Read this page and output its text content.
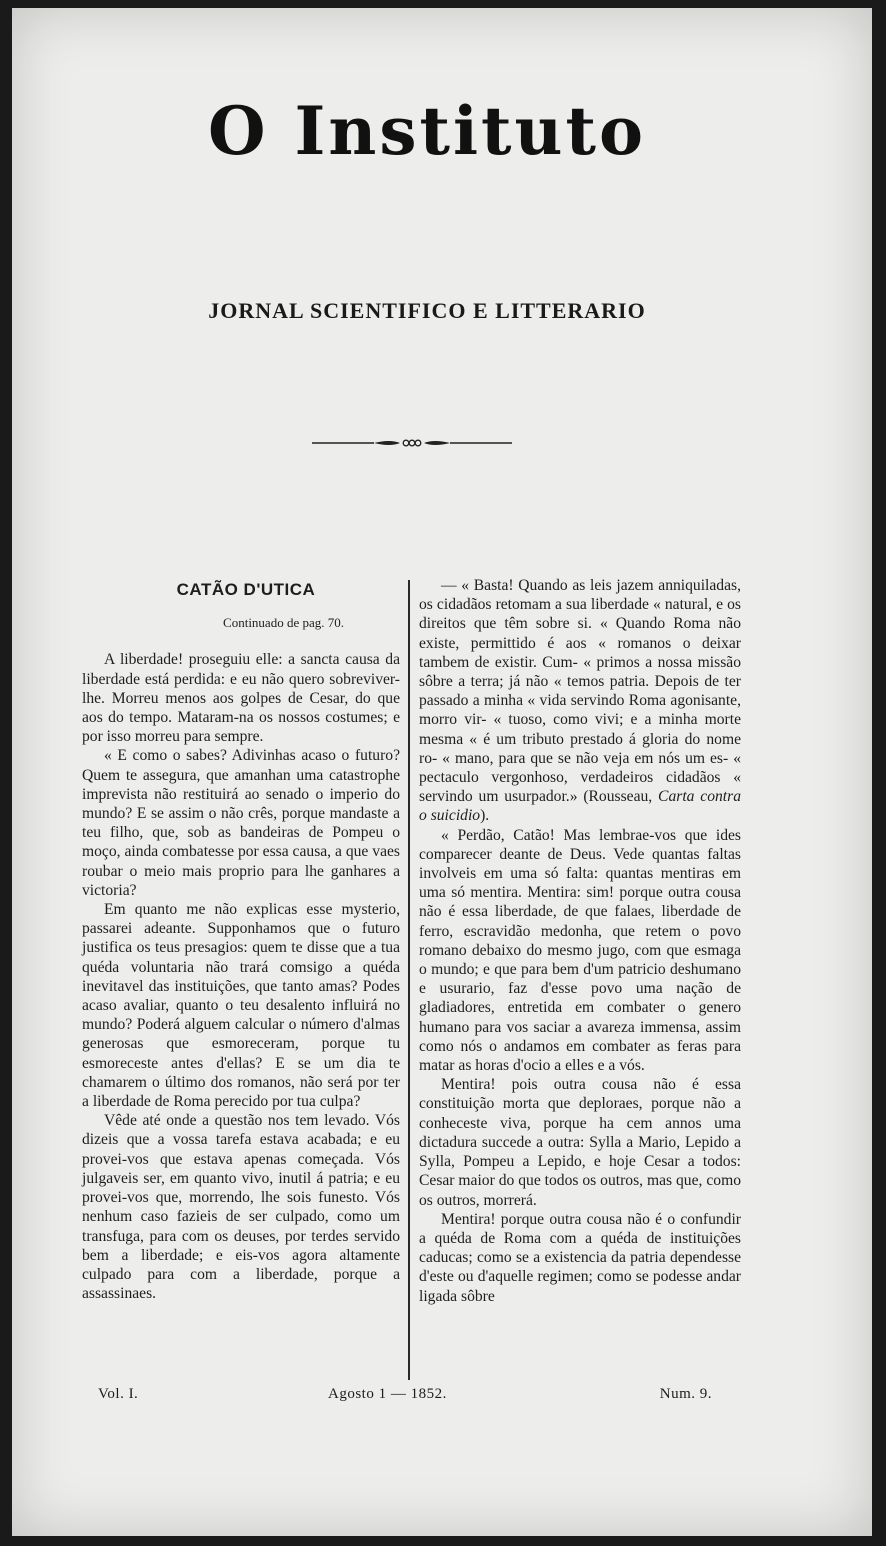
O Instituto
JORNAL SCIENTIFICO E LITTERARIO
CATÃO D'UTICA
Continuado de pag. 70.

A liberdade! proseguiu elle: a sancta causa da liberdade está perdida: e eu não quero sobreviver-lhe. Morreu menos aos golpes de Cesar, do que aos do tempo. Mataram-na os nossos costumes; e por isso morreu para sempre.

« E como o sabes? Adivinhas acaso o futuro? Quem te assegura, que amanhan uma catastrophe imprevista não restituirá ao senado o imperio do mundo? E se assim o não crês, porque mandaste a teu filho, que, sob as bandeiras de Pompeu o moço, ainda combatesse por essa causa, a que vaes roubar o meio mais proprio para lhe ganhares a victoria?

Em quanto me não explicas esse mysterio, passarei adeante. Supponhamos que o futuro justifica os teus presagios: quem te disse que a tua quéda voluntaria não trará comsigo a quéda inevitavel das instituições, que tanto amas? Podes acaso avaliar, quanto o teu desalento influirá no mundo? Poderá alguem calcular o número d'almas generosas que esmoreceram, porque tu esmoreceste antes d'ellas? E se um dia te chamarem o último dos romanos, não será por ter a liberdade de Roma perecido por tua culpa?

Vêde até onde a questão nos tem levado. Vós dizeis que a vossa tarefa estava acabada; e eu provei-vos que estava apenas começada. Vós julgaveis ser, em quanto vivo, inutil á patria; e eu provei-vos que, morrendo, lhe sois funesto. Vós nenhum caso fazieis de ser culpado, como um transfuga, para com os deuses, por terdes servido bem a liberdade; e eis-vos agora altamente culpado para com a liberdade, porque a assassinaes.

— « Basta! Quando as leis jazem anniquiladas, os cidadãos retomam a sua liberdade « natural, e os direitos que têm sobre si. « Quando Roma não existe, permittido é aos « romanos o deixar tambem de existir. Cum- « primos a nossa missão sôbre a terra; já não « temos patria. Depois de ter passado a minha « vida servindo Roma agonisante, morro vir- « tuoso, como vivi; e a minha morte mesma « é um tributo prestado á gloria do nome ro- « mano, para que se não veja em nós um es- « pectaculo vergonhoso, verdadeiros cidadãos « servindo um usurpador.» (Rousseau, Carta contra o suicidio).

« Perdão, Catão! Mas lembrae-vos que ides comparecer deante de Deus. Vede quantas faltas involveis em uma só falta: quantas mentiras em uma só mentira. Mentira: sim! porque outra cousa não é essa liberdade, de que falaes, liberdade de ferro, escravidão medonha, que retem o povo romano debaixo do mesmo jugo, com que esmaga o mundo; e que para bem d'um patricio deshumano e usurario, faz d'esse povo uma nação de gladiadores, entretida em combater o genero humano para vos saciar a avareza immensa, assim como nós o andamos em combater as feras para matar as horas d'ocio a elles e a vós.

Mentira! pois outra cousa não é essa constituição morta que deploraes, porque não a conheceste viva, porque ha cem annos uma dictadura succede a outra: Sylla a Mario, Lepido a Sylla, Pompeu a Lepido, e hoje Cesar a todos: Cesar maior do que todos os outros, mas que, como os outros, morrerá.

Mentira! porque outra cousa não é o confundir a quéda de Roma com a quéda de instituições caducas; como se a existencia da patria dependesse d'este ou d'aquelle regimen; como se podesse andar ligada sôbre

Vol. I.	Agosto 1 — 1852.	Num. 9.
